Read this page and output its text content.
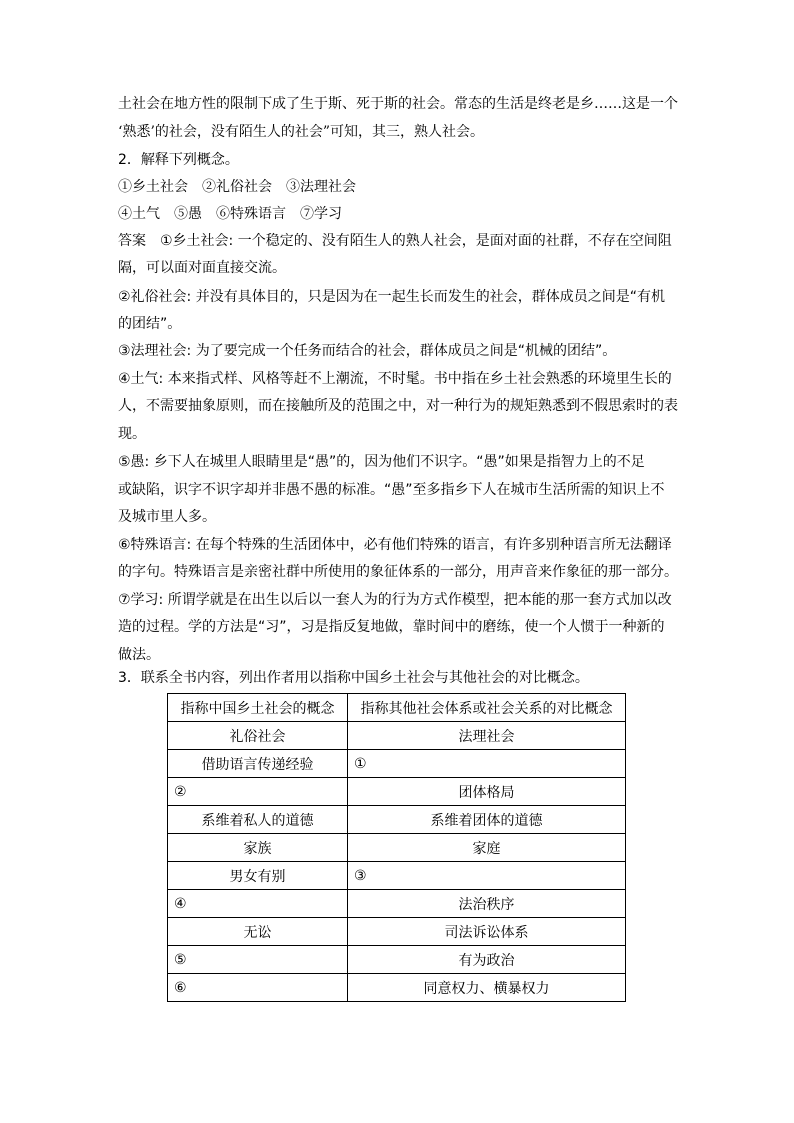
土社会在地方性的限制下成了生于斯、死于斯的社会。常态的生活是终老是乡……这是一个
‘熟悉’的社会，没有陌生人的社会”可知，其三，熟人社会。
2．解释下列概念。
①乡土社会　②礼俗社会　③法理社会
④土气　⑤愚　⑥特殊语言　⑦学习
答案　 ①乡土社会: 一个稳定的、没有陌生人的熟人社会，是面对面的社群，不存在空间阻
隔，可以面对面直接交流。
②礼俗社会: 并没有具体目的，只是因为在一起生长而发生的社会，群体成员之间是“有机
的团结”。
③法理社会: 为了要完成一个任务而结合的社会，群体成员之间是“机械的团结”。
④土气: 本来指式样、风格等赶不上潮流，不时髦。书中指在乡土社会熟悉的环境里生长的
人，不需要抽象原则，而在接触所及的范围之中，对一种行为的规矩熟悉到不假思索时的表
现。
⑤愚: 乡下人在城里人眼睛里是“愚”的，因为他们不识字。“愚”如果是指智力上的不足
或缺陷，识字不识字却并非愚不愚的标准。“愚”至多指乡下人在城市生活所需的知识上不
及城市里人多。
⑥特殊语言: 在每个特殊的生活团体中，必有他们特殊的语言，有许多别种语言所无法翻译
的字句。特殊语言是亲密社群中所使用的象征体系的一部分，用声音来作象征的那一部分。
⑦学习: 所谓学就是在出生以后以一套人为的行为方式作模型，把本能的那一套方式加以改
造的过程。学的方法是“习”，习是指反复地做，靠时间中的磨练，使一个人惯于一种新的
做法。
3．联系全书内容，列出作者用以指称中国乡土社会与其他社会的对比概念。
指称中国乡土社会的概念	指称其他社会体系或社会关系的对比概念
礼俗社会	法理社会
借助语言传递经验	①
②	团体格局
系维着私人的道德	系维着团体的道德
家族	家庭
男女有别	③
④	法治秩序
无讼	司法诉讼体系
⑤	有为政治
⑥	同意权力、横暴权力
